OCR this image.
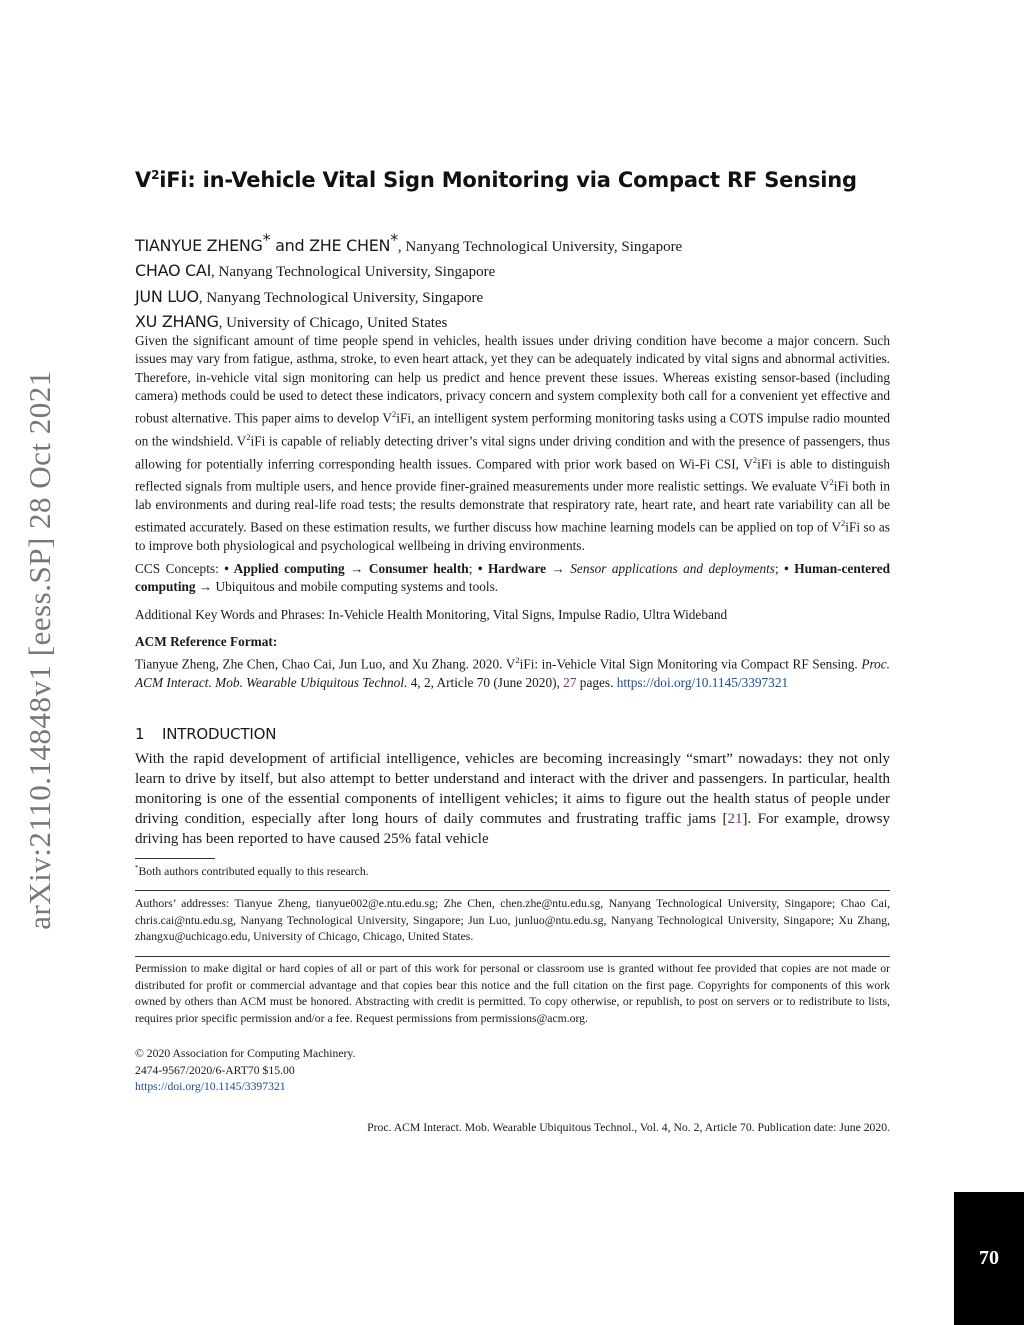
arXiv:2110.14848v1 [eess.SP] 28 Oct 2021
$V^2iFi$: in-Vehicle Vital Sign Monitoring via Compact RF Sensing
TIANYUE ZHENG* and ZHE CHEN*, Nanyang Technological University, Singapore
CHAO CAI, Nanyang Technological University, Singapore
JUN LUO, Nanyang Technological University, Singapore
XU ZHANG, University of Chicago, United States
Given the significant amount of time people spend in vehicles, health issues under driving condition have become a major concern. Such issues may vary from fatigue, asthma, stroke, to even heart attack, yet they can be adequately indicated by vital signs and abnormal activities. Therefore, in-vehicle vital sign monitoring can help us predict and hence prevent these issues. Whereas existing sensor-based (including camera) methods could be used to detect these indicators, privacy concern and system complexity both call for a convenient yet effective and robust alternative. This paper aims to develop $V^2iFi$, an intelligent system performing monitoring tasks using a COTS impulse radio mounted on the windshield. $V^2iFi$ is capable of reliably detecting driver’s vital signs under driving condition and with the presence of passengers, thus allowing for potentially inferring corresponding health issues. Compared with prior work based on Wi-Fi CSI, $V^2iFi$ is able to distinguish reflected signals from multiple users, and hence provide finer-grained measurements under more realistic settings. We evaluate $V^2iFi$ both in lab environments and during real-life road tests; the results demonstrate that respiratory rate, heart rate, and heart rate variability can all be estimated accurately. Based on these estimation results, we further discuss how machine learning models can be applied on top of $V^2iFi$ so as to improve both physiological and psychological wellbeing in driving environments.
CCS Concepts: • Applied computing → Consumer health; • Hardware → Sensor applications and deployments; • Human-centered computing → Ubiquitous and mobile computing systems and tools.
Additional Key Words and Phrases: In-Vehicle Health Monitoring, Vital Signs, Impulse Radio, Ultra Wideband
ACM Reference Format:
Tianyue Zheng, Zhe Chen, Chao Cai, Jun Luo, and Xu Zhang. 2020. $V^2iFi$: in-Vehicle Vital Sign Monitoring via Compact RF Sensing. Proc. ACM Interact. Mob. Wearable Ubiquitous Technol. 4, 2, Article 70 (June 2020), 27 pages. https://doi.org/10.1145/3397321
1 INTRODUCTION
With the rapid development of artificial intelligence, vehicles are becoming increasingly “smart” nowadays: they not only learn to drive by itself, but also attempt to better understand and interact with the driver and passengers. In particular, health monitoring is one of the essential components of intelligent vehicles; it aims to figure out the health status of people under driving condition, especially after long hours of daily commutes and frustrating traffic jams [21]. For example, drowsy driving has been reported to have caused 25% fatal vehicle
*Both authors contributed equally to this research.
Authors’ addresses: Tianyue Zheng, tianyue002@e.ntu.edu.sg; Zhe Chen, chen.zhe@ntu.edu.sg, Nanyang Technological University, Singapore; Chao Cai, chris.cai@ntu.edu.sg, Nanyang Technological University, Singapore; Jun Luo, junluo@ntu.edu.sg, Nanyang Technological University, Singapore; Xu Zhang, zhangxu@uchicago.edu, University of Chicago, Chicago, United States.
Permission to make digital or hard copies of all or part of this work for personal or classroom use is granted without fee provided that copies are not made or distributed for profit or commercial advantage and that copies bear this notice and the full citation on the first page. Copyrights for components of this work owned by others than ACM must be honored. Abstracting with credit is permitted. To copy otherwise, or republish, to post on servers or to redistribute to lists, requires prior specific permission and/or a fee. Request permissions from permissions@acm.org.
© 2020 Association for Computing Machinery.
2474-9567/2020/6-ART70 $15.00
https://doi.org/10.1145/3397321
Proc. ACM Interact. Mob. Wearable Ubiquitous Technol., Vol. 4, No. 2, Article 70. Publication date: June 2020.
70
